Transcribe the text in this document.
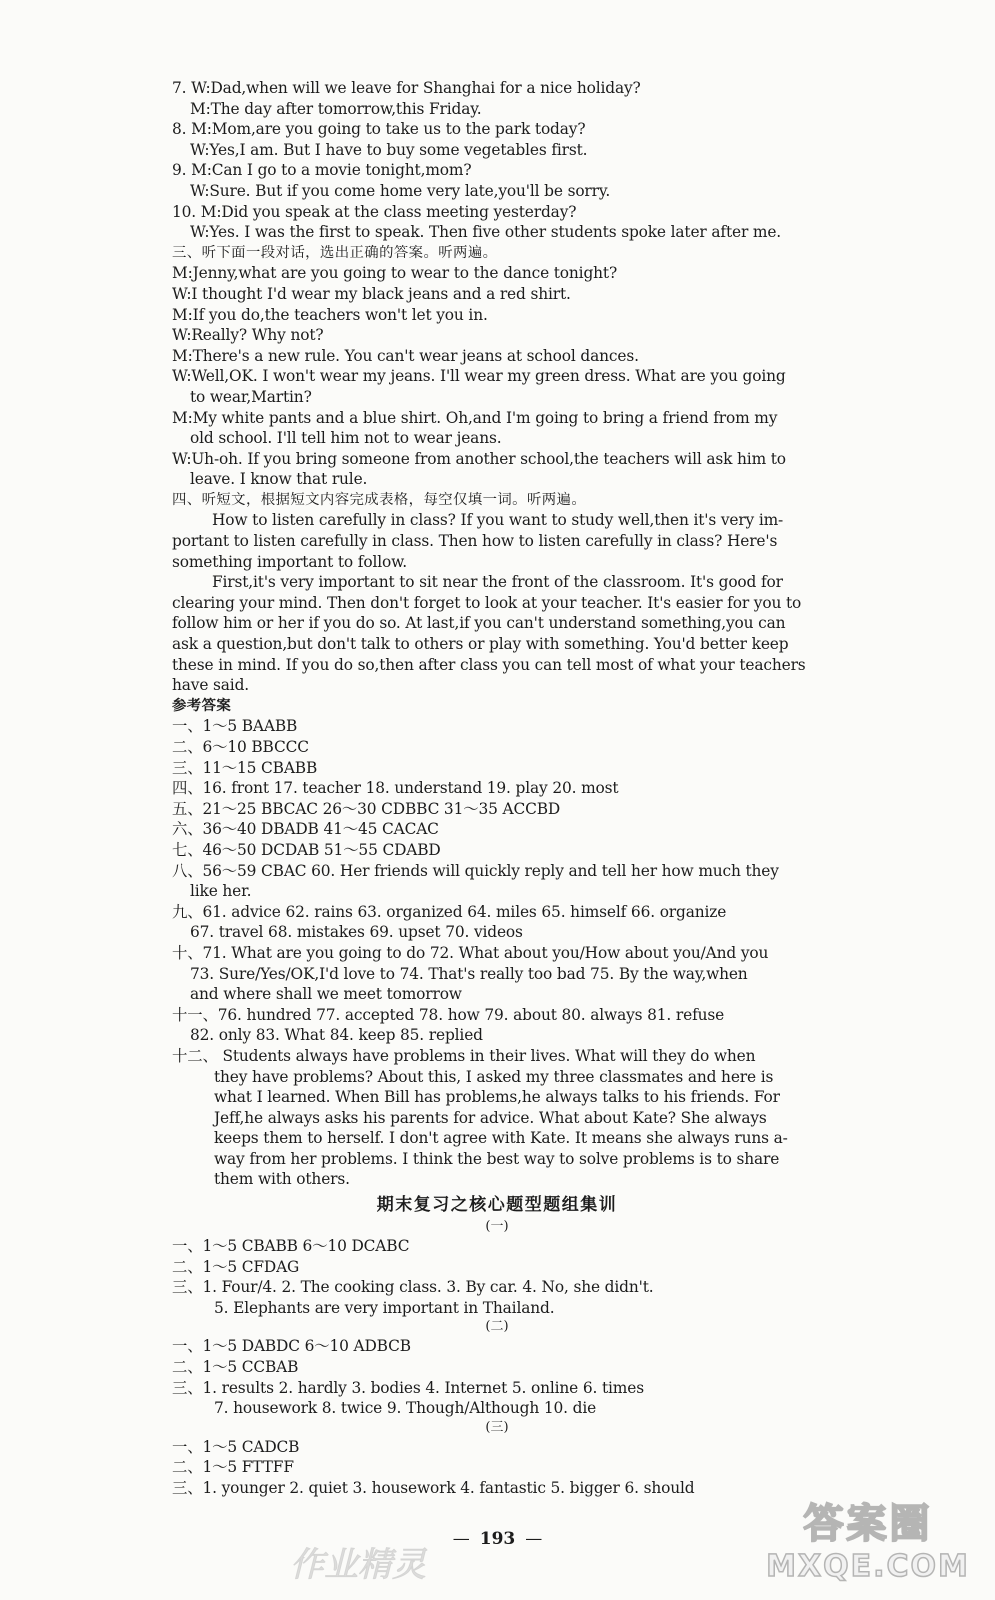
7. W:Dad,when will we leave for Shanghai for a nice holiday?
M:The day after tomorrow,this Friday.
8. M:Mom,are you going to take us to the park today?
W:Yes,I am. But I have to buy some vegetables first.
9. M:Can I go to a movie tonight,mom?
W:Sure. But if you come home very late,you'll be sorry.
10. M:Did you speak at the class meeting yesterday?
W:Yes. I was the first to speak. Then five other students spoke later after me.
三、听下面一段对话，选出正确的答案。听两遍。
M:Jenny,what are you going to wear to the dance tonight?
W:I thought I'd wear my black jeans and a red shirt.
M:If you do,the teachers won't let you in.
W:Really? Why not?
M:There's a new rule. You can't wear jeans at school dances.
W:Well,OK. I won't wear my jeans. I'll wear my green dress. What are you going
to wear,Martin?
M:My white pants and a blue shirt. Oh,and I'm going to bring a friend from my
old school. I'll tell him not to wear jeans.
W:Uh-oh. If you bring someone from another school,the teachers will ask him to
leave. I know that rule.
四、听短文，根据短文内容完成表格，每空仅填一词。听两遍。
How to listen carefully in class? If you want to study well,then it's very im-
portant to listen carefully in class. Then how to listen carefully in class? Here's
something important to follow.
First,it's very important to sit near the front of the classroom. It's good for
clearing your mind. Then don't forget to look at your teacher. It's easier for you to
follow him or her if you do so. At last,if you can't understand something,you can
ask a question,but don't talk to others or play with something. You'd better keep
these in mind. If you do so,then after class you can tell most of what your teachers
have said.
参考答案
一、1～5 BAABB
二、6～10 BBCCC
三、11～15 CBABB
四、16. front 17. teacher 18. understand 19. play 20. most
五、21～25 BBCAC 26～30 CDBBC 31～35 ACCBD
六、36～40 DBADB 41～45 CACAC
七、46～50 DCDAB 51～55 CDABD
八、56～59 CBAC 60. Her friends will quickly reply and tell her how much they
like her.
九、61. advice 62. rains 63. organized 64. miles 65. himself 66. organize
67. travel 68. mistakes 69. upset 70. videos
十、71. What are you going to do 72. What about you/How about you/And you
73. Sure/Yes/OK,I'd love to 74. That's really too bad 75. By the way,when
and where shall we meet tomorrow
十一、76. hundred 77. accepted 78. how 79. about 80. always 81. refuse
82. only 83. What 84. keep 85. replied
十二、 Students always have problems in their lives. What will they do when
they have problems? About this, I asked my three classmates and here is
what I learned. When Bill has problems,he always talks to his friends. For
Jeff,he always asks his parents for advice. What about Kate? She always
keeps them to herself. I don't agree with Kate. It means she always runs a-
way from her problems. I think the best way to solve problems is to share
them with others.
期末复习之核心题型题组集训
(一)
一、1～5 CBABB 6～10 DCABC
二、1～5 CFDAG
三、1. Four/4. 2. The cooking class. 3. By car. 4. No, she didn't.
5. Elephants are very important in Thailand.
(二)
一、1～5 DABDC 6～10 ADBCB
二、1～5 CCBAB
三、1. results 2. hardly 3. bodies 4. Internet 5. online 6. times
7. housework 8. twice 9. Though/Although 10. die
(三)
一、1～5 CADCB
二、1～5 FTTFF
三、1. younger 2. quiet 3. housework 4. fantastic 5. bigger 6. should
— 193 —
作业精灵
答案圈
MXQE.COM
